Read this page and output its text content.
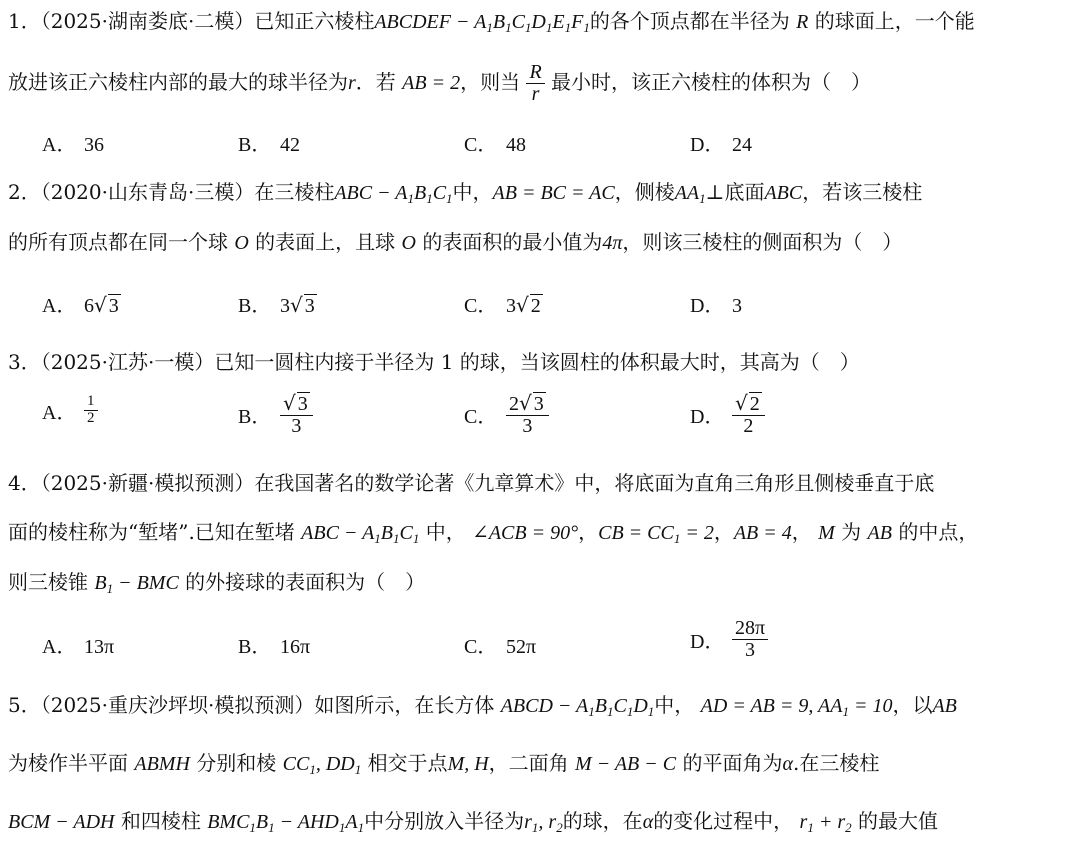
1．（2025·湖南娄底·二模）已知正六棱柱ABCDEF − $A_1B_1C_1D_1E_1F_1$的各个顶点都在半径为 R 的球面上，一个能
放进该正六棱柱内部的最大的球半径为r．若 AB = 2，则当 $\frac{R}{r}$ 最小时，该正六棱柱的体积为（　）
A． 36	B． 42	C． 48	D． 24
2．（2020·山东青岛·三模）在三棱柱ABC − $A_1B_1C_1$中，AB = BC = AC，侧棱$AA_1\perp$底面ABC，若该三棱柱
的所有顶点都在同一个球 O 的表面上，且球 O 的表面积的最小值为4π，则该三棱柱的侧面积为（　）
A． 6√ 3	B． 3√ 3	C． 3√ 2	D． 3
3．（2025·江苏·一模）已知一圆柱内接于半径为 1 的球，当该圆柱的体积最大时，其高为（　）
A． $\frac{1}{2}$	B． $\frac{√ 3}{3}$	C． $\frac{2√ 3}{3}$	D． $\frac{√ 2}{2}$
4．（2025·新疆·模拟预测）在我国著名的数学论著《九章算术》中，将底面为直角三角形且侧棱垂直于底
面的棱柱称为“堑堵”.已知在堑堵 ABC − $A_1B_1C_1$ 中， ∠ACB = 90°，CB = $CC_1 = 2$，AB = 4， M 为 AB 的中点，
则三棱锥 $B_1$ − BMC 的外接球的表面积为（　）
A． 13π	B． 16π	C． 52π	D． $\frac{28\pi}{3}$
5．（2025·重庆沙坪坝·模拟预测）如图所示，在长方体 ABCD − $A_1B_1C_1D_1$中， AD = AB = 9, $AA_1 = 10$，以AB
为棱作半平面 ABMH 分别和棱 $CC_1$, $DD_1$ 相交于点M, H，二面角 M − AB − C 的平面角为α.在三棱柱
BCM − ADH 和四棱柱 $BMC_1B_1 - AHD_1A_1$中分别放入半径为$r_1$, $r_2$的球，在α的变化过程中， $r_1 + r_2$ 的最大值
